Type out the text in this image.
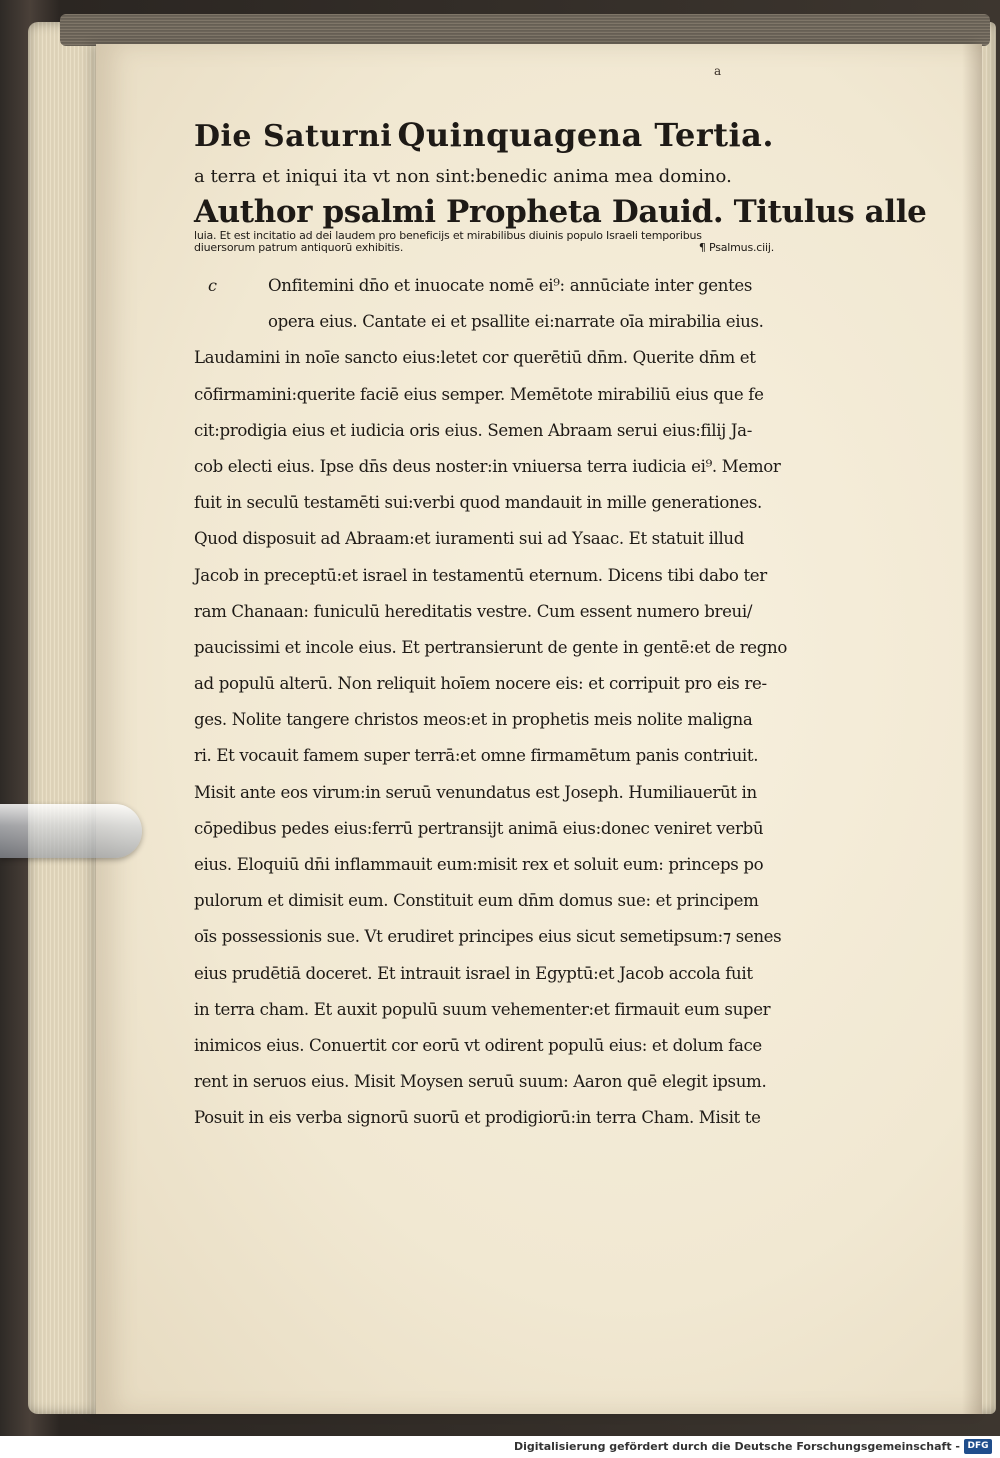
a
Die Saturni Quinquagena Tertia.
a terra et iniqui ita vt non sint:benedic anima mea domino.
Author psalmi Propheta Dauid. Titulus alle
luia. Et est incitatio ad dei laudem pro beneficijs et mirabilibus diuinis populo Israeli temporibus
diuersorum patrum antiquorū exhibitis.	¶ Psalmus.ciij.
c	Onfitemini dn̄o et inuocate nomē ei⁹: annūciate inter gentes
opera eius. Cantate ei et psallite ei:narrate oīa mirabilia eius.
Laudamini in noīe sancto eius:letet cor querētiū dn̄m. Querite dn̄m et
cōfirmamini:querite faciē eius semper. Memētote mirabiliū eius que fe
cit:prodigia eius et iudicia oris eius. Semen Abraam serui eius:filij Ja-
cob electi eius. Ipse dn̄s deus noster:in vniuersa terra iudicia ei⁹. Memor
fuit in seculū testamēti sui:verbi quod mandauit in mille generationes.
Quod disposuit ad Abraam:et iuramenti sui ad Ysaac. Et statuit illud
Jacob in preceptū:et israel in testamentū eternum. Dicens tibi dabo ter
ram Chanaan: funiculū hereditatis vestre. Cum essent numero breui/
paucissimi et incole eius. Et pertransierunt de gente in gentē:et de regno
ad populū alterū. Non reliquit hoīem nocere eis: et corripuit pro eis re-
ges. Nolite tangere christos meos:et in prophetis meis nolite maligna
ri. Et vocauit famem super terrā:et omne firmamētum panis contriuit.
Misit ante eos virum:in seruū venundatus est Joseph. Humiliauerūt in
cōpedibus pedes eius:ferrū pertransijt animā eius:donec veniret verbū
eius. Eloquiū dn̄i inflammauit eum:misit rex et soluit eum: princeps po
pulorum et dimisit eum. Constituit eum dn̄m domus sue: et principem
oīs possessionis sue. Vt erudiret principes eius sicut semetipsum:⁊ senes
eius prudētiā doceret. Et intrauit israel in Egyptū:et Jacob accola fuit
in terra cham. Et auxit populū suum vehementer:et firmauit eum super
inimicos eius. Conuertit cor eorū vt odirent populū eius: et dolum face
rent in seruos eius. Misit Moysen seruū suum: Aaron quē elegit ipsum.
Posuit in eis verba signorū suorū et prodigiorū:in terra Cham. Misit te
Digitalisierung gefördert durch die Deutsche Forschungsgemeinschaft - DFG
